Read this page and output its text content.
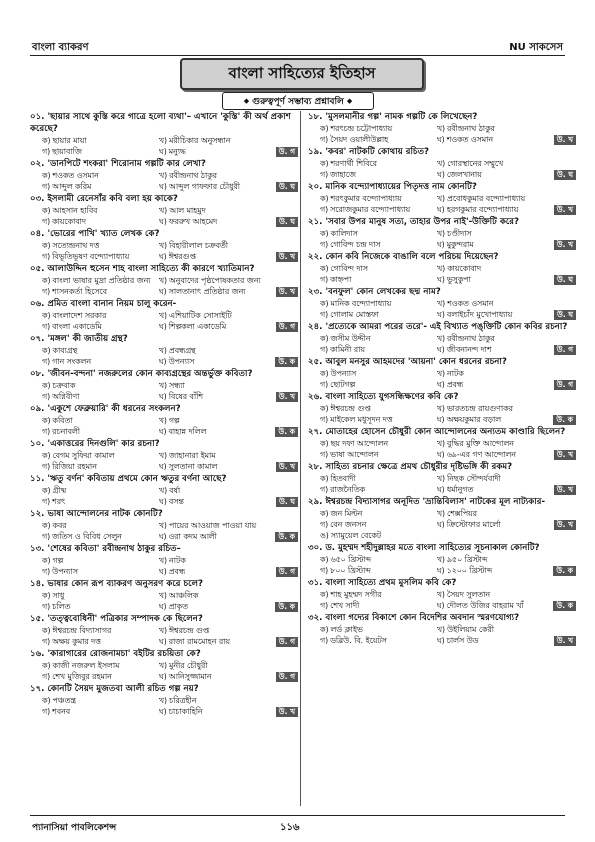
বাংলা ব্যাকরণ	NU সাকসেস
বাংলা সাহিত্যের ইতিহাস
◆ গুরুত্বপূর্ণ সম্ভাব্য প্রশ্নাবলি ◆
০১. 'ছায়ার সাথে কুস্তি করে গাত্রে হলো ব্যথা'– এখানে 'কুস্তি' কী অর্থ প্রকাশ করেছে?
ক) ছায়ার মায়া	খ) মরীচিকার অনুসন্ধান
গ) ছায়াবাজি	ঘ) মন্যুদ্ধ	উ. গ
০২. 'ডানপিটে শংকরা' শিরোনাম গল্পটি কার লেখা?
ক) শওকত ওসমান	খ) রবীন্দ্রনাথ ঠাকুর
গ) আব্দুল করিম	ঘ) আব্দুল গাফফার চৌধুরী	উ. ঘ
০৩. ইসলামী রেনেসাঁর কবি বলা হয় কাকে?
ক) আহসান হাবিব	খ) আল মাহমুদ
গ) কায়কোবাদ	ঘ) ফররুখ আহমেদ	উ. ঘ
০৪. 'ভোরের পাখি' খ্যাত লেখক কে?
ক) সত্যেন্দ্রনাথ দত্ত	খ) বিহারীলাল চক্রবর্তী
গ) বিভূতিভূষণ বন্দ্যোপাধ্যায়	ঘ) ঈশ্বরগুপ্ত	উ. খ
০৫. আলাউদ্দিন হুসেন শাহ বাংলা সাহিত্যে কী কারণে খ্যাতিমান?
ক) বাংলা ভাষার মুদ্রা প্রতিষ্ঠার জন্য	খ) অনুবাদের পৃষ্ঠপোষকতার জন্য
গ) শাসনকর্তা হিসেবে	ঘ) সালতানাৎ প্রতিষ্ঠার জন্য	উ. খ
০৬. প্রমিত বাংলা বানান নিয়ম চালু করেন-
ক) বাংলাদেশ সরকার	খ) এশিয়াটিক সোসাইটি
গ) বাংলা একাডেমি	ঘ) শিল্পকলা একাডেমি	উ. গ
০৭. 'মঙ্গল' কী জাতীয় গ্রন্থ?
ক) কাব্যগ্রন্থ	খ) প্রবন্ধগ্রন্থ
গ) গান সংকলন	ঘ) উপন্যাস	উ. ক
০৮. 'জীবন-বন্দনা' নজরুলের কোন কাব্যগ্রন্থের অন্তর্ভুক্ত কবিতা?
ক) চক্রবাক	খ) সন্ধ্যা
গ) অগ্নিবীণা	ঘ) বিষের বাঁশি	উ. খ
০৯. 'একুশে ফেব্রুয়ারি' কী ধরনের সংকলন?
ক) কবিতা	খ) গল্প
গ) রচনাবলী	ঘ) বাহান্ন দলিল	উ. ক
১০. 'একাত্তরের দিনগুলি' কার রচনা?
ক) বেগম সুফিয়া কামাল	খ) জাহানারা ইমাম
গ) রিজিয়া রহমান	ঘ) সুলতানা কামাল	উ. খ
১১. 'ঋতু বর্ণন' কবিতায় প্রথমে কোন ঋতুর বর্ণনা আছে?
ক) গ্রীষ্ম	খ) বর্ষা
গ) শরৎ	ঘ) বসন্ত	উ. ঘ
১২. ভাষা আন্দোলনের নাটক কোনটি?
ক) কবর	খ) পায়ের আওয়াজ পাওয়া যায়
গ) জতিস ও বিবিধ সেলুন	ঘ) ওরা কদম আলী	উ. ক
১৩. 'শেষের কবিতা' রবীন্দ্রনাথ ঠাকুর রচিত–
ক) গল্প	খ) নাটক
গ) উপন্যাস	ঘ) প্রবন্ধ	উ. গ
১৪. ভাষার কোন রূপ ব্যাকরণ অনুসরণ করে চলে?
ক) সাধু	খ) আঞ্চলিক
গ) চলিত	ঘ) প্রাকৃত	উ. ক
১৫. 'তত্ত্ববোধিনী' পত্রিকার সম্পাদক কে ছিলেন?
ক) ঈশ্বরচন্দ্র বিদ্যাসাগর	খ) ঈশ্বরচন্দ্র গুপ্ত
গ) অক্ষয় কুমার দত্ত	ঘ) রাজা রামমোহন রায়	উ. গ
১৬. 'কারাগারের রোজনামচা' বইটির রচয়িতা কে?
ক) কাজী নজরুল ইসলাম	খ) মুনীর চৌধুরী
গ) শেখ মুজিবুর রহমান	ঘ) আনিসুজ্জামান	উ. গ
১৭. কোনটি সৈয়দ মুজতবা আলী রচিত গল্প নয়?
ক) পঞ্চতন্ত্র	খ) চরিত্রহীন
গ) শবনব	ঘ) চাচাকাহিনি	উ. খ
১৮. 'মুসলমানীর গল্প' নামক গল্পটি কে লিখেছেন?
ক) শরৎচন্দ্র চট্টোপাধ্যায়	খ) রবীন্দ্রনাথ ঠাকুর
গ) সৈয়দ ওয়ালীউল্লাহ	ঘ) শওকত ওসমান	উ. খ
১৯. 'কবর' নাটকটি কোথায় রচিত?
ক) শরণার্থী শিবিরে	খ) গোরস্থানের সম্মুখে
গ) জাহাজে	ঘ) জেলখানায়	উ. ঘ
২০. মানিক বন্দ্যোপাধ্যায়ের পিতৃদত্ত নাম কোনটি?
ক) শরৎকুমার বন্দ্যোপাধ্যায়	খ) প্রবোধকুমার বন্দ্যোপাধ্যায়
গ) সরোজকুমার বন্দ্যোপাধ্যায়	ঘ) হরগকুমার বন্দ্যোপাধ্যায়	উ. খ
২১. 'সবার উপর মানুষ সত্য, তাহার উপর নাই'-উক্তিটি করে?
ক) কালিদাস	খ) চণ্ডীদাস
গ) গোবিন্দ চন্দ্র দাস	ঘ) মুকুন্দরাম	উ. খ
২২. কোন কবি নিজেকে বাঙালি বলে পরিচয় দিয়েছেন?
ক) গোবিন্দ দাস	খ) কায়কোবাদ
গ) কাহ্নপা	ঘ) ভুসুকুপা	উ. ঘ
২৩. 'বনফুল' কোন লেখকের ছদ্ম নাম?
ক) মানিক বন্দ্যোপাধ্যায়	খ) শওকত ওসমান
গ) গোলাম মোস্তফা	ঘ) বলাইচাঁদ মুখোপাধ্যায়	উ. ঘ
২৪. 'প্রত্যেকে আমরা পরের তরে'- এই বিখ্যাত পঙ্‌ক্তিটি কোন কবির রচনা?
ক) জসীম উদ্দীন	খ) রবীন্দ্রনাথ ঠাকুর
গ) কামিনী রায়	ঘ) জীবনানন্দ দাশ	উ. গ
২৫. আবুল মনসুর আহমদের 'আয়না' কোন ধরনের রচনা?
ক) উপন্যাস	খ) নাটক
গ) ছোটগল্প	ঘ) প্রবন্ধ	উ. গ
২৬. বাংলা সাহিত্যে যুগসন্ধিক্ষণের কবি কে?
ক) ঈশ্বরচন্দ্র গুপ্ত	খ) ভারতচন্দ্র রায়গুণাকর
গ) মাইকেল মধুসূদন দত্ত	ঘ) অক্ষয়কুমার বড়াল	উ. ক
২৭. মোতাহের হোসেন চৌধুরী কোন আন্দোলনের অন্যতম কাণ্ডারি ছিলেন?
ক) ছয় দফা আন্দোলন	খ) বুদ্ধির মুক্তি আন্দোলন
গ) ভাষা আন্দোলন	ঘ) ৬৯-এর গণ আন্দোলন	উ. খ
২৮. সাহিত্য রচনার ক্ষেত্রে প্রমথ চৌধুরীর দৃষ্টিভঙ্গি কী রকম?
ক) হিতবাদী	খ) নিছক সৌন্দর্যবাদী
গ) রাজনৈতিক	ঘ) ধর্মানুগত	উ. খ
২৯. ঈশ্বরচন্দ্র বিদ্যাসাগর অনূদিত 'ভ্রান্তিবিলাস' নাটকের মূল নাট্যকার-
ক) জন মিল্টন	খ) শেক্সপিয়র
গ) বেন জনসন	ঘ) ক্রিস্টোফার মার্লো
ঙ) স্যামুয়েল বেকেট
উ. খ
৩০. ড. মুহম্মদ শহীদুল্লাহর মতে বাংলা সাহিত্যের সূচনাকাল কোনটি?
ক) ৬৫০ খ্রিস্টাব্দ	খ) ৯৫০ খ্রিস্টাব্দ
গ) ৮০০ খ্রিস্টাব্দ	ঘ) ১২০০ খ্রিস্টাব্দ	উ. ক
৩১. বাংলা সাহিত্যে প্রথম মুসলিম কবি কে?
ক) শাহ মুহম্মদ সগীর	খ) সৈয়দ সুলতান
গ) শেখ সাদী	ঘ) দৌলত উজির বাহরাম খাঁ	উ. ক
৩২. বাংলা গদ্যের বিকাশে কোন বিদেশির অবদান স্মরণযোগ্য?
ক) লর্ড ক্লাইভ	খ) উইলিয়াম কেরী
গ) ডব্লিউ. বি. ইয়েটস	ঘ) চার্লস উড	উ. খ
প্যানাসিয়া পাবলিকেশন্স	১১৬
